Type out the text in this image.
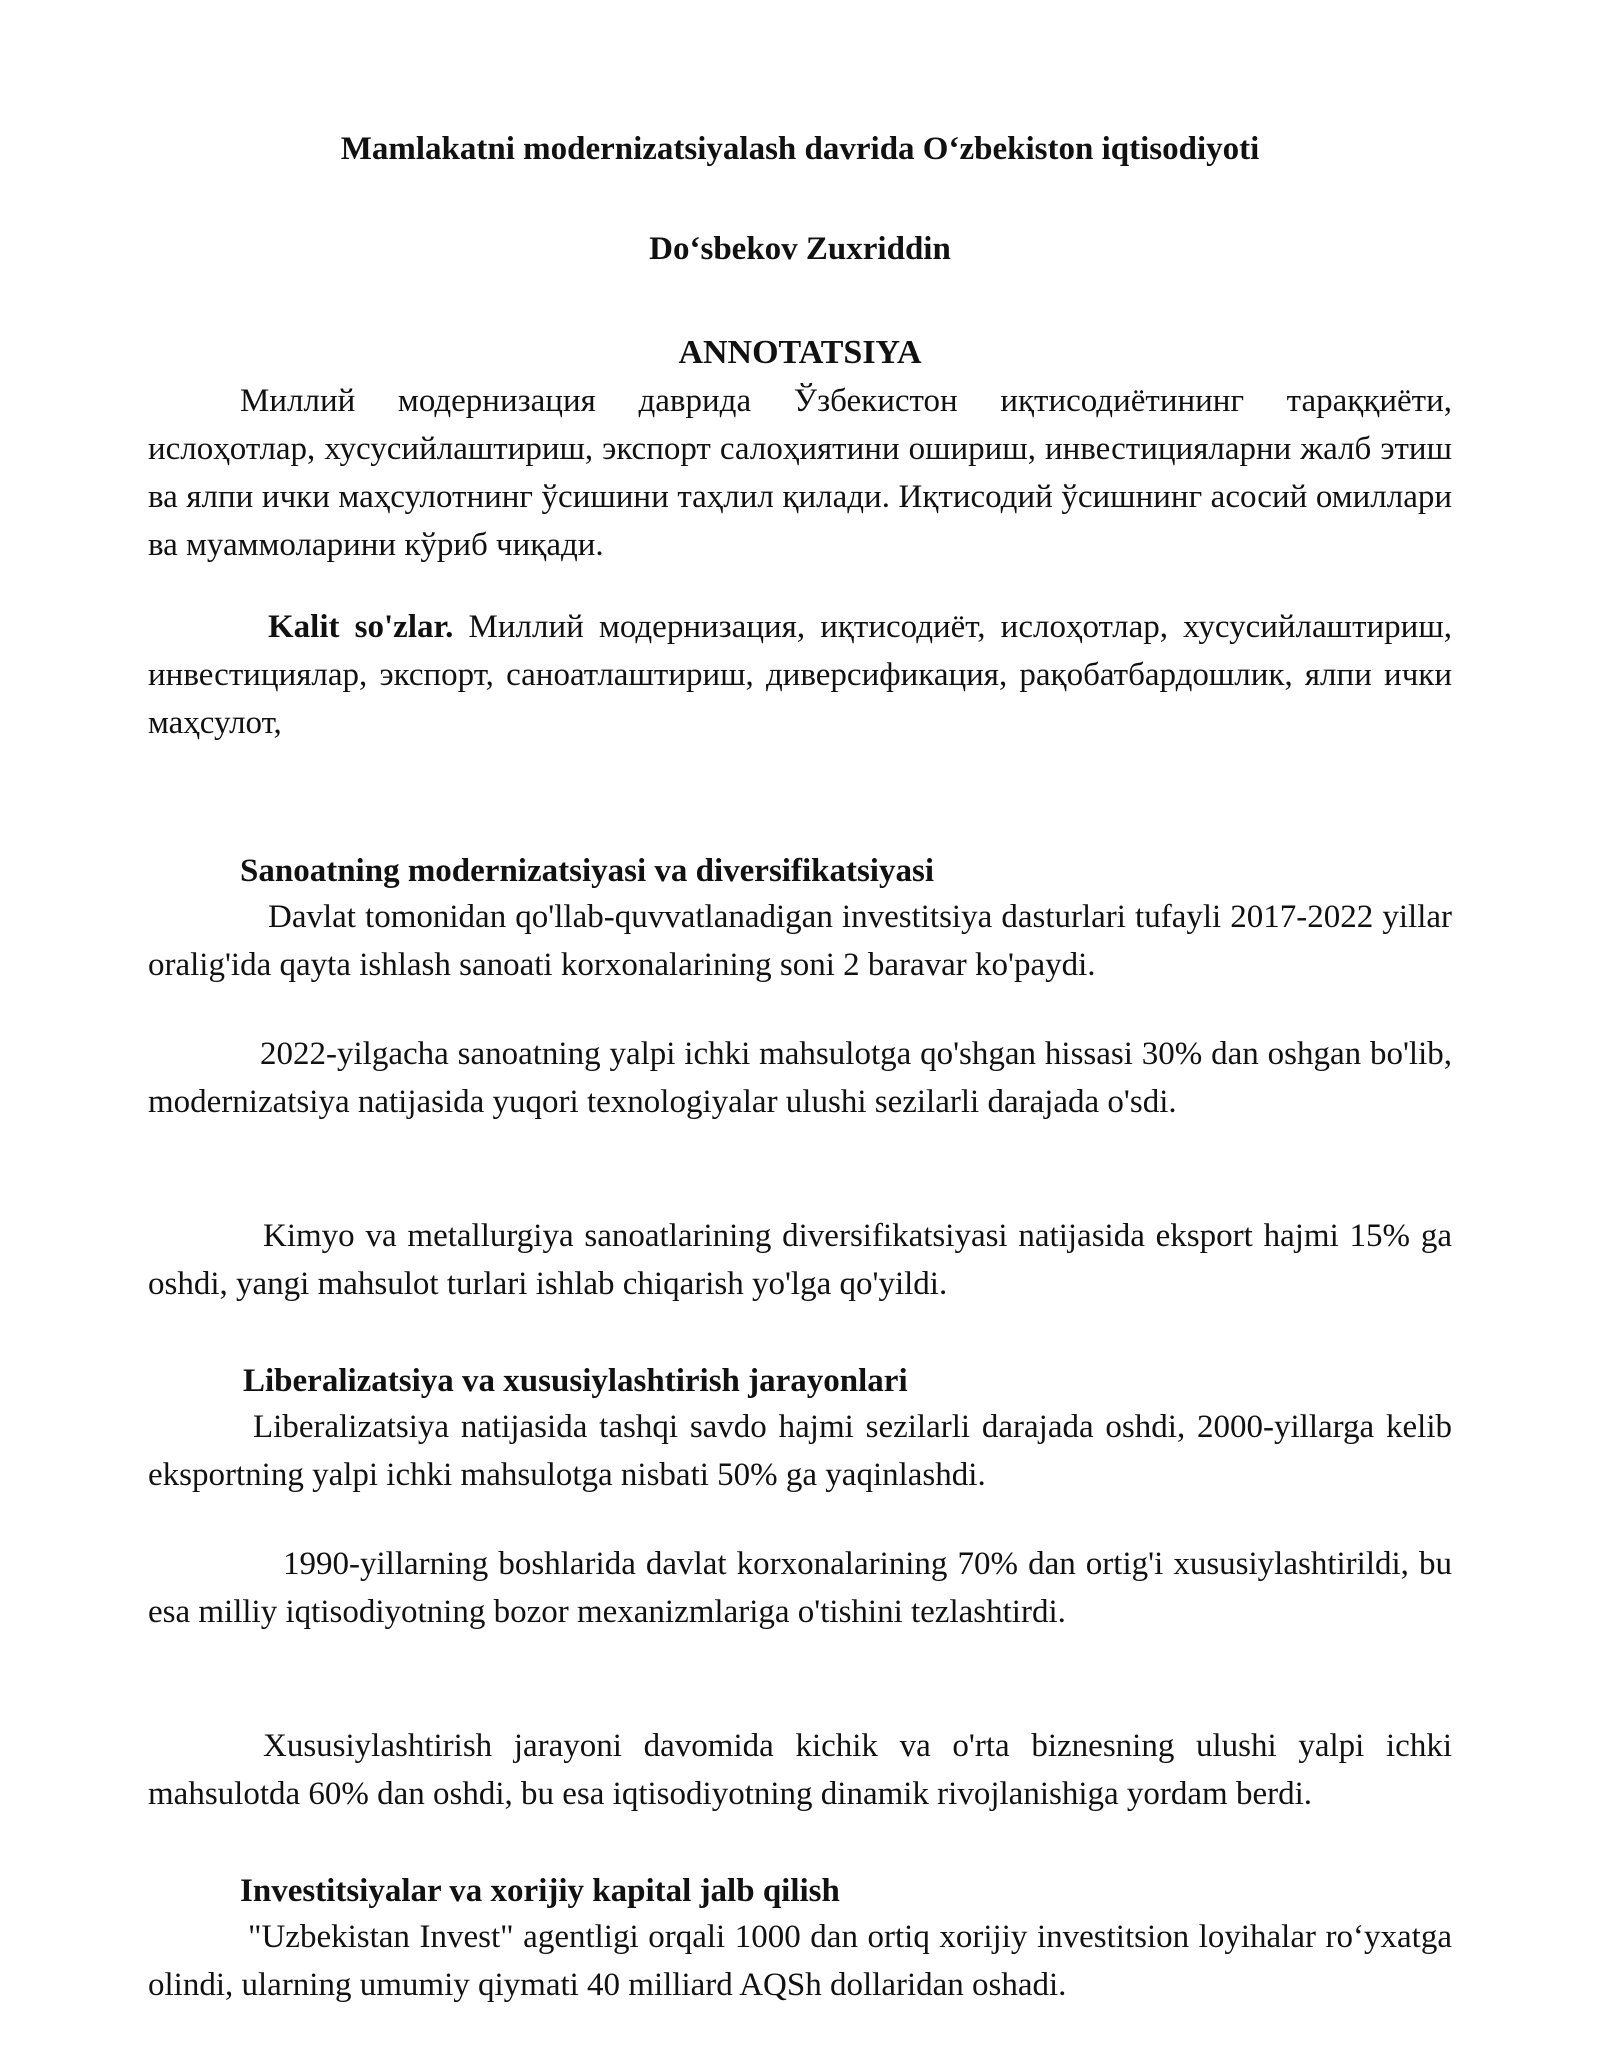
Mamlakatni modernizatsiyalash davrida Oʻzbekiston iqtisodiyoti
Doʻsbekov Zuxriddin
ANNOTATSIYA

Миллий модернизация даврида Ўзбекистон иқтисодиётининг тараққиёти, ислоҳотлар, хусусийлаштириш, экспорт салоҳиятини ошириш, инвестицияларни жалб этиш ва ялпи ички маҳсулотнинг ўсишини таҳлил қилади. Иқтисодий ўсишнинг асосий омиллари ва муаммоларини кўриб чиқади.

Kalit so'zlar. Миллий модернизация, иқтисодиёт, ислоҳотлар, хусусийлаштириш, инвестициялар, экспорт, саноатлаштириш, диверсификация, рақобатбардошлик, ялпи ички маҳсулот,

Sanoatning modernizatsiyasi va diversifikatsiyasi

Davlat tomonidan qo'llab-quvvatlanadigan investitsiya dasturlari tufayli 2017-2022 yillar oralig'ida qayta ishlash sanoati korxonalarining soni 2 baravar ko'paydi.

2022-yilgacha sanoatning yalpi ichki mahsulotga qo'shgan hissasi 30% dan oshgan bo'lib, modernizatsiya natijasida yuqori texnologiyalar ulushi sezilarli darajada o'sdi.

Kimyo va metallurgiya sanoatlarining diversifikatsiyasi natijasida eksport hajmi 15% ga oshdi, yangi mahsulot turlari ishlab chiqarish yo'lga qo'yildi.

Liberalizatsiya va xususiylashtirish jarayonlari

Liberalizatsiya natijasida tashqi savdo hajmi sezilarli darajada oshdi, 2000-yillarga kelib eksportning yalpi ichki mahsulotga nisbati 50% ga yaqinlashdi.

1990-yillarning boshlarida davlat korxonalarining 70% dan ortig'i xususiylashtirildi, bu esa milliy iqtisodiyotning bozor mexanizmlariga o'tishini tezlashtirdi.

Xususiylashtirish jarayoni davomida kichik va o'rta biznesning ulushi yalpi ichki mahsulotda 60% dan oshdi, bu esa iqtisodiyotning dinamik rivojlanishiga yordam berdi.

Investitsiyalar va xorijiy kapital jalb qilish

"Uzbekistan Invest" agentligi orqali 1000 dan ortiq xorijiy investitsion loyihalar roʻyxatga olindi, ularning umumiy qiymati 40 milliard AQSh dollaridan oshadi.
